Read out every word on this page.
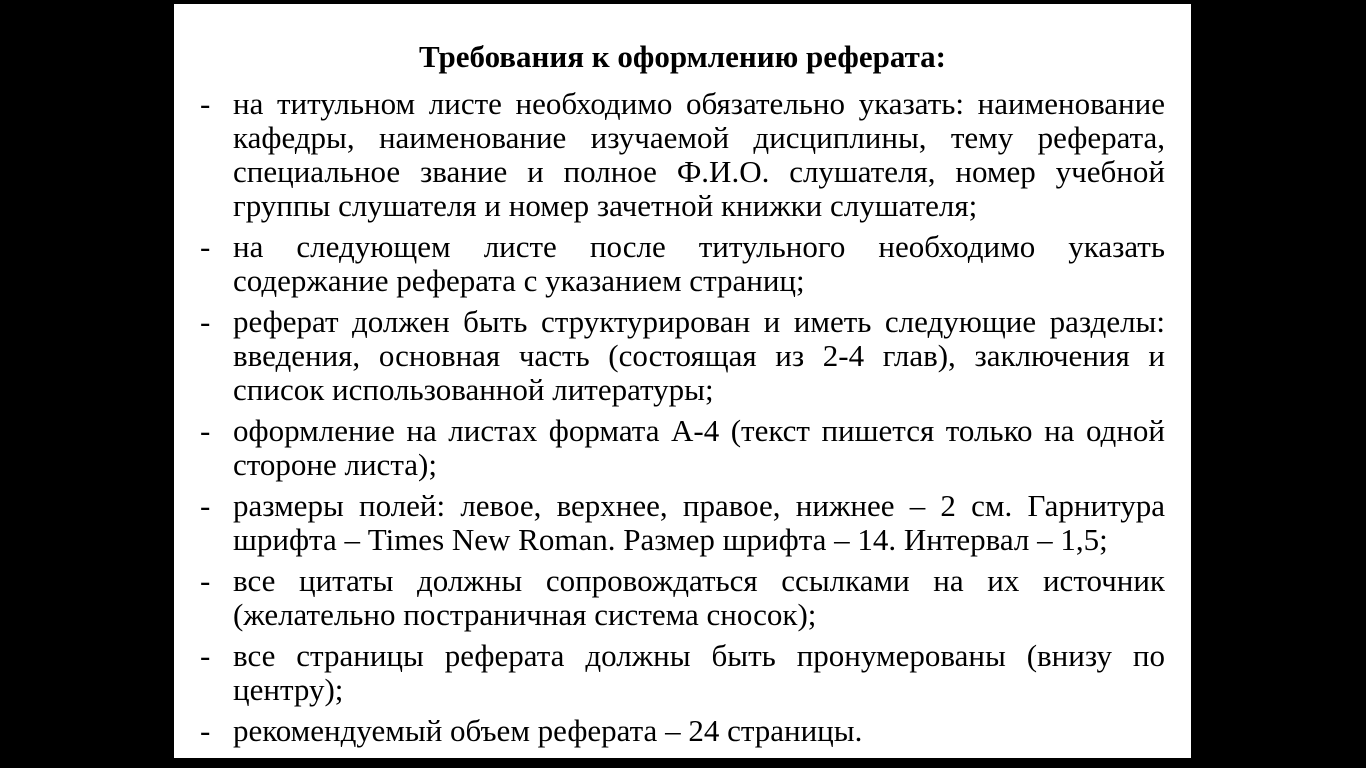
Требования к оформлению реферата:
- на титульном листе необходимо обязательно указать: наименование кафедры, наименование изучаемой дисциплины, тему реферата, специальное звание и полное Ф.И.О. слушателя, номер учебной группы слушателя и номер зачетной книжки слушателя;
- на следующем листе после титульного необходимо указать содержание реферата с указанием страниц;
- реферат должен быть структурирован и иметь следующие разделы: введения, основная часть (состоящая из 2-4 глав), заключения и список использованной литературы;
- оформление на листах формата А-4 (текст пишется только на одной стороне листа);
- размеры полей: левое, верхнее, правое, нижнее – 2 см. Гарнитура шрифта – Times New Roman. Размер шрифта – 14. Интервал – 1,5;
- все цитаты должны сопровождаться ссылками на их источник (желательно постраничная система сносок);
- все страницы реферата должны быть пронумерованы (внизу по центру);
- рекомендуемый объем реферата – 24 страницы.
